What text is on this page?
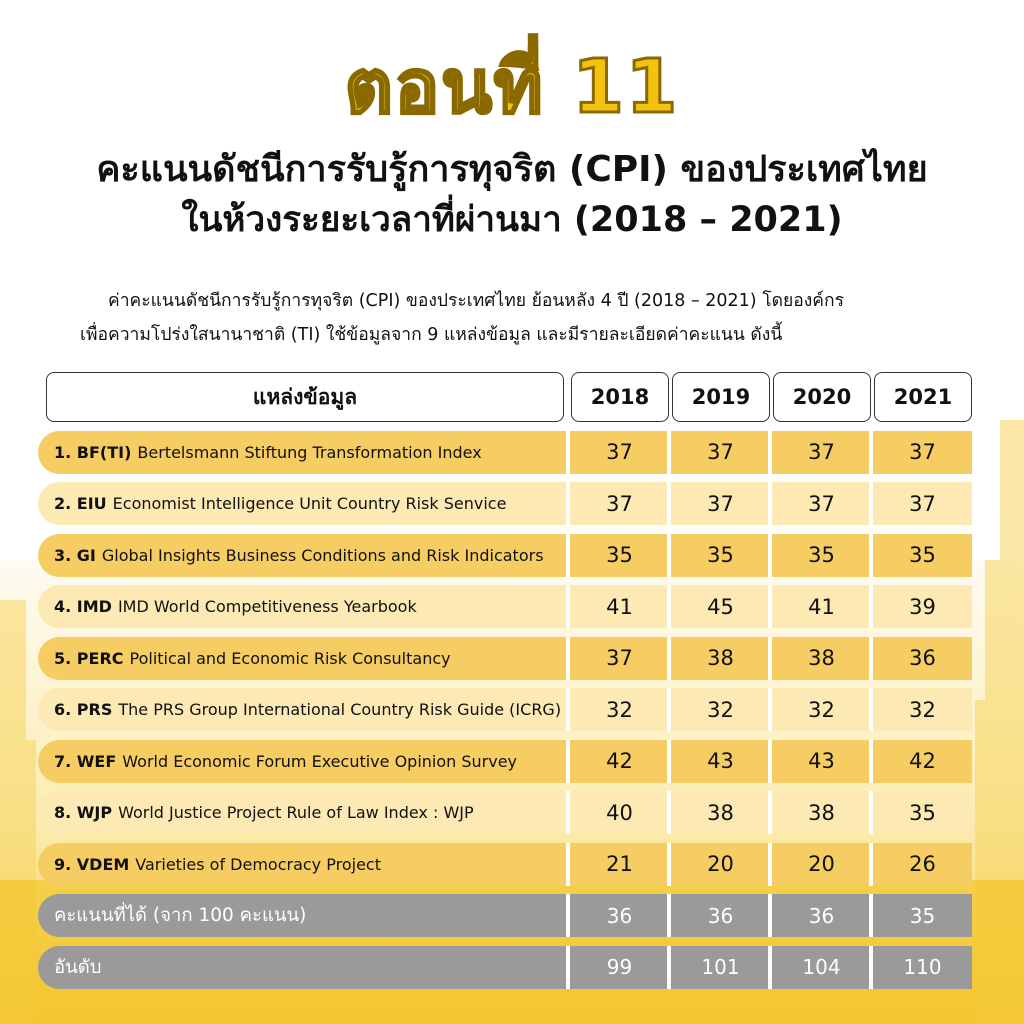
ตอนที่ 11
คะแนนดัชนีการรับรู้การทุจริต (CPI) ของประเทศไทย
ในห้วงระยะเวลาที่ผ่านมา (2018 – 2021)
ค่าคะแนนดัชนีการรับรู้การทุจริต (CPI) ของประเทศไทย ย้อนหลัง 4 ปี (2018 – 2021) โดยองค์กร
เพื่อความโปร่งใสนานาชาติ (TI) ใช้ข้อมูลจาก 9 แหล่งข้อมูล และมีรายละเอียดค่าคะแนน ดังนี้
แหล่งข้อมูล	2018	2019	2020	2021
1. BF(TI) Bertelsmann Stiftung Transformation Index	37	37	37	37
2. EIU Economist Intelligence Unit Country Risk Senvice	37	37	37	37
3. GI Global Insights Business Conditions and Risk Indicators	35	35	35	35
4. IMD IMD World Competitiveness Yearbook	41	45	41	39
5. PERC Political and Economic Risk Consultancy	37	38	38	36
6. PRS The PRS Group International Country Risk Guide (ICRG)	32	32	32	32
7. WEF World Economic Forum Executive Opinion Survey	42	43	43	42
8. WJP World Justice Project Rule of Law Index : WJP	40	38	38	35
9. VDEM Varieties of Democracy Project	21	20	20	26
คะแนนที่ได้ (จาก 100 คะแนน)	36	36	36	35
อันดับ	99	101	104	110
